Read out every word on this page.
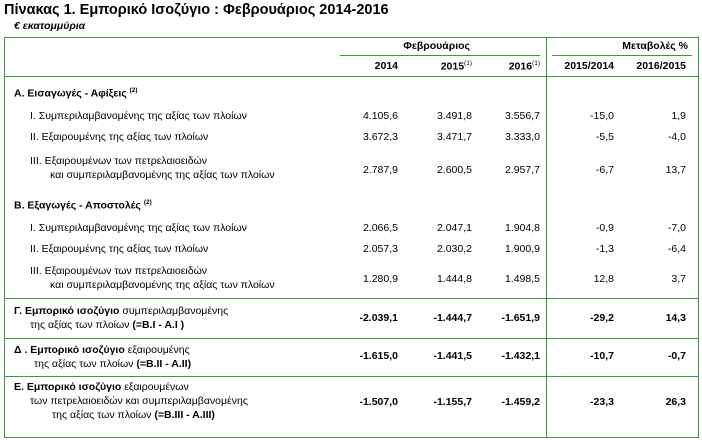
Πίνακας 1. Εμπορικό Ισοζύγιο : Φεβρουάριος 2014-2016
€ εκατομμύρια
Φεβρουάριος	Μεταβολές %
2014	2015$^{(1)}$	2016$^{(1)}$	2015/2014	2016/2015
Α. Εισαγωγές - Αφίξεις $^{(2)}$
I. Συμπεριλαμβανομένης της αξίας των πλοίων	4.105,6	3.491,8	3.556,7	-15,0	1,9
II. Εξαιρουμένης της αξίας των πλοίων	3.672,3	3.471,7	3.333,0	-5,5	-4,0
III. Εξαιρουμένων των πετρελαιοειδών
και συμπεριλαμβανομένης της αξίας των πλοίων	2.787,9	2.600,5	2.957,7	-6,7	13,7
Β. Εξαγωγές - Αποστολές $^{(2)}$
I. Συμπεριλαμβανομένης της αξίας των πλοίων	2.066,5	2.047,1	1.904,8	-0,9	-7,0
II. Εξαιρουμένης της αξίας των πλοίων	2.057,3	2.030,2	1.900,9	-1,3	-6,4
III. Εξαιρουμένων των πετρελαιοειδών
και συμπεριλαμβανομένης της αξίας των πλοίων	1.280,9	1.444,8	1.498,5	12,8	3,7
Γ. Εμπορικό ισοζύγιο συμπεριλαμβανομένης
της αξίας των πλοίων (=B.I - A.I )
-2.039,1	-1.444,7	-1.651,9	-29,2	14,3
Δ . Εμπορικό ισοζύγιο εξαιρουμένης
της αξίας των πλοίων (=B.II - A.II)
-1.615,0	-1.441,5	-1.432,1	-10,7	-0,7
Ε. Εμπορικό ισοζύγιο εξαιρουμένων
των πετρελαιοειδών και συμπεριλαμβανομένης
της αξίας των πλοίων (=B.III - A.III)
-1.507,0	-1.155,7	-1.459,2	-23,3	26,3
